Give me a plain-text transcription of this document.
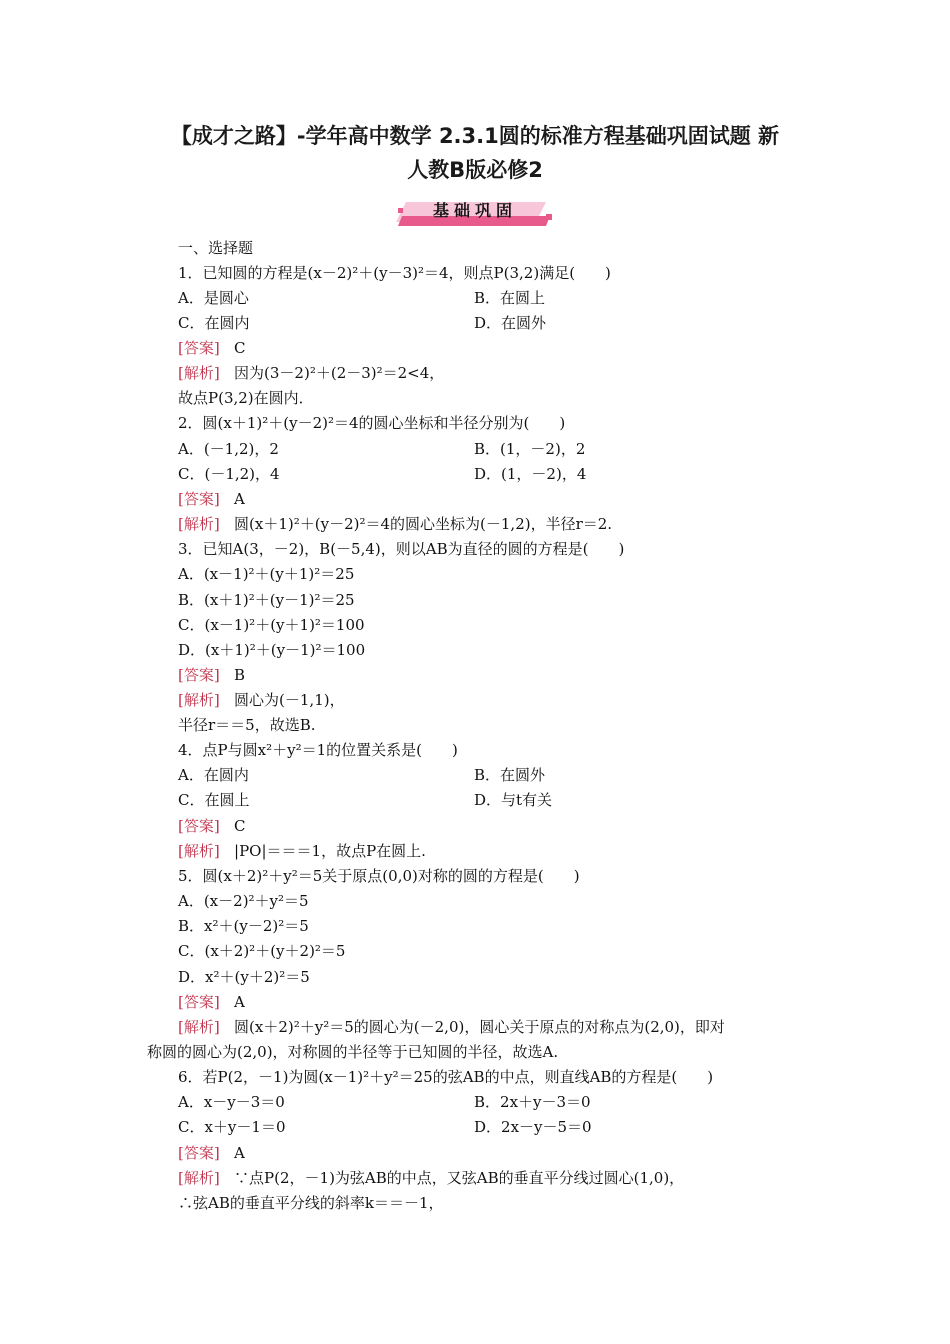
【成才之路】-学年高中数学 2.3.1圆的标准方程基础巩固试题 新
人教B版必修2
基础巩固
一、选择题
1．已知圆的方程是(x－2)²＋(y－3)²＝4，则点P(3,2)满足(　　)
A．是圆心	B．在圆上
C．在圆内	D．在圆外
[答案] C
[解析] 因为(3－2)²＋(2－3)²＝2<4，
故点P(3,2)在圆内．
2．圆(x＋1)²＋(y－2)²＝4的圆心坐标和半径分别为(　　)
A．(－1,2)，2	B．(1，－2)，2
C．(－1,2)，4	D．(1，－2)，4
[答案] A
[解析] 圆(x＋1)²＋(y－2)²＝4的圆心坐标为(－1,2)，半径r＝2.
3．已知A(3，－2)，B(－5,4)，则以AB为直径的圆的方程是(　　)
A．(x－1)²＋(y＋1)²＝25
B．(x＋1)²＋(y－1)²＝25
C．(x－1)²＋(y＋1)²＝100
D．(x＋1)²＋(y－1)²＝100
[答案] B
[解析] 圆心为(－1,1)，
半径r＝＝5，故选B.
4．点P与圆x²＋y²＝1的位置关系是(　　)
A．在圆内	B．在圆外
C．在圆上	D．与t有关
[答案] C
[解析] |PO|＝＝＝1，故点P在圆上.
5．圆(x＋2)²＋y²＝5关于原点(0,0)对称的圆的方程是(　　)
A．(x－2)²＋y²＝5
B．x²＋(y－2)²＝5
C．(x＋2)²＋(y＋2)²＝5
D．x²＋(y＋2)²＝5
[答案] A
[解析] 圆(x＋2)²＋y²＝5的圆心为(－2,0)，圆心关于原点的对称点为(2,0)，即对
称圆的圆心为(2,0)，对称圆的半径等于已知圆的半径，故选A.
6．若P(2，－1)为圆(x－1)²＋y²＝25的弦AB的中点，则直线AB的方程是(　　)
A．x－y－3＝0	B．2x＋y－3＝0
C．x＋y－1＝0	D．2x－y－5＝0
[答案] A
[解析] ∵点P(2，－1)为弦AB的中点，又弦AB的垂直平分线过圆心(1,0)，
∴弦AB的垂直平分线的斜率k＝＝－1，
